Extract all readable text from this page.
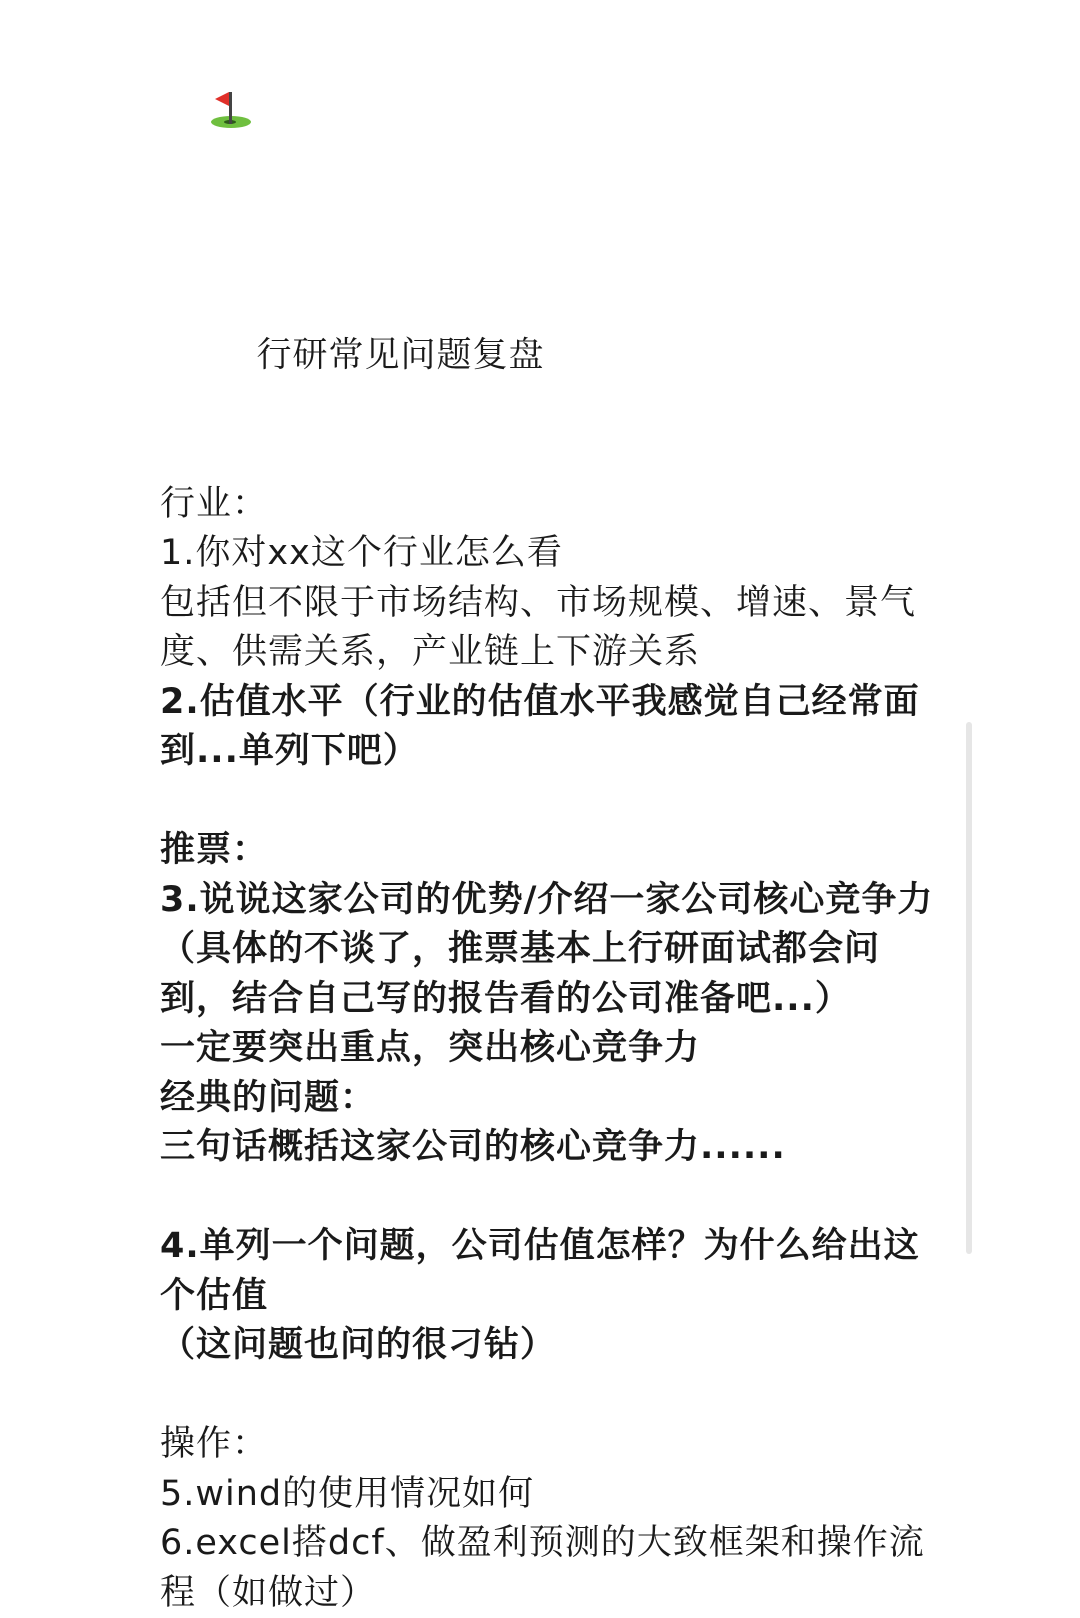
行研常见问题复盘

行业：
1.你对xx这个行业怎么看
包括但不限于市场结构、市场规模、增速、景气
度、供需关系，产业链上下游关系
2.估值水平（行业的估值水平我感觉自己经常面
到...单列下吧）
推票：
3.说说这家公司的优势/介绍一家公司核心竞争力
（具体的不谈了，推票基本上行研面试都会问
到，结合自己写的报告看的公司准备吧...）
一定要突出重点，突出核心竞争力
经典的问题：
三句话概括这家公司的核心竞争力......
4.单列一个问题，公司估值怎样？为什么给出这
个估值
（这问题也问的很刁钻）
操作：
5.wind的使用情况如何
6.excel搭dcf、做盈利预测的大致框架和操作流
程（如做过）
